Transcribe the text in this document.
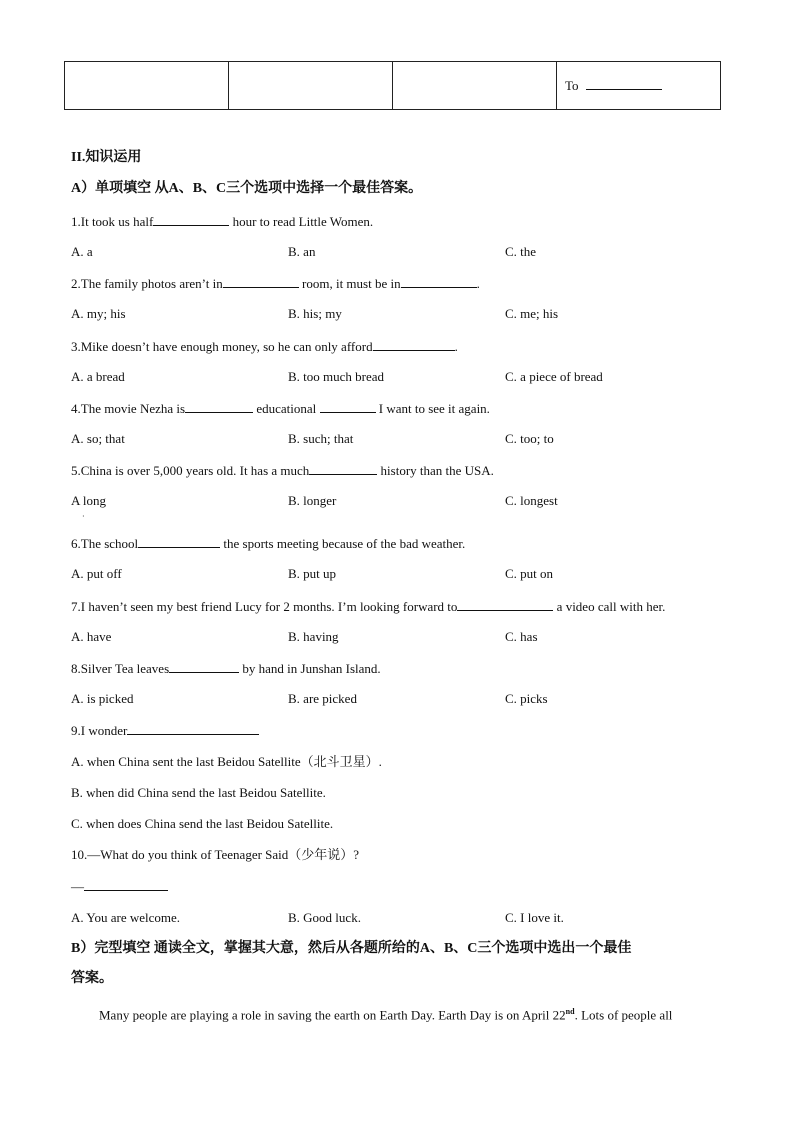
			To
II.知识运用
A）单项填空 从A、B、C三个选项中选择一个最佳答案。
1.It took us half	hour to read Little Women.
A. a	B. an	C. the
2.The family photos aren’t in	room, it must be in	.
A. my; his	B. his; my	C. me; his
3.Mike doesn’t have enough money, so he can only afford	.
A. a bread	B. too much bread	C. a piece of bread
4.The movie Nezha is	educational	I want to see it again.
A. so; that	B. such; that	C. too; to
5.China is over 5,000 years old. It has a much	history than the USA.
A long	B. longer	C. longest
·
6.The school	the sports meeting because of the bad weather.
A. put off	B. put up	C. put on
7.I haven’t seen my best friend Lucy for 2 months. I’m looking forward to	a video call with her.
A. have	B. having	C. has
8.Silver Tea leaves	by hand in Junshan Island.
A. is picked	B. are picked	C. picks
9.I wonder
A. when China sent the last Beidou Satellite（北斗卫星）.
B. when did China send the last Beidou Satellite.
C. when does China send the last Beidou Satellite.
10.—What do you think of Teenager Said（少年说）?
—
A. You are welcome.	B. Good luck.	C. I love it.
B）完型填空 通读全文，掌握其大意，然后从各题所给的A、B、C三个选项中选出一个最佳
答案。
Many people are playing a role in saving the earth on Earth Day. Earth Day is on April 22nd. Lots of people all
